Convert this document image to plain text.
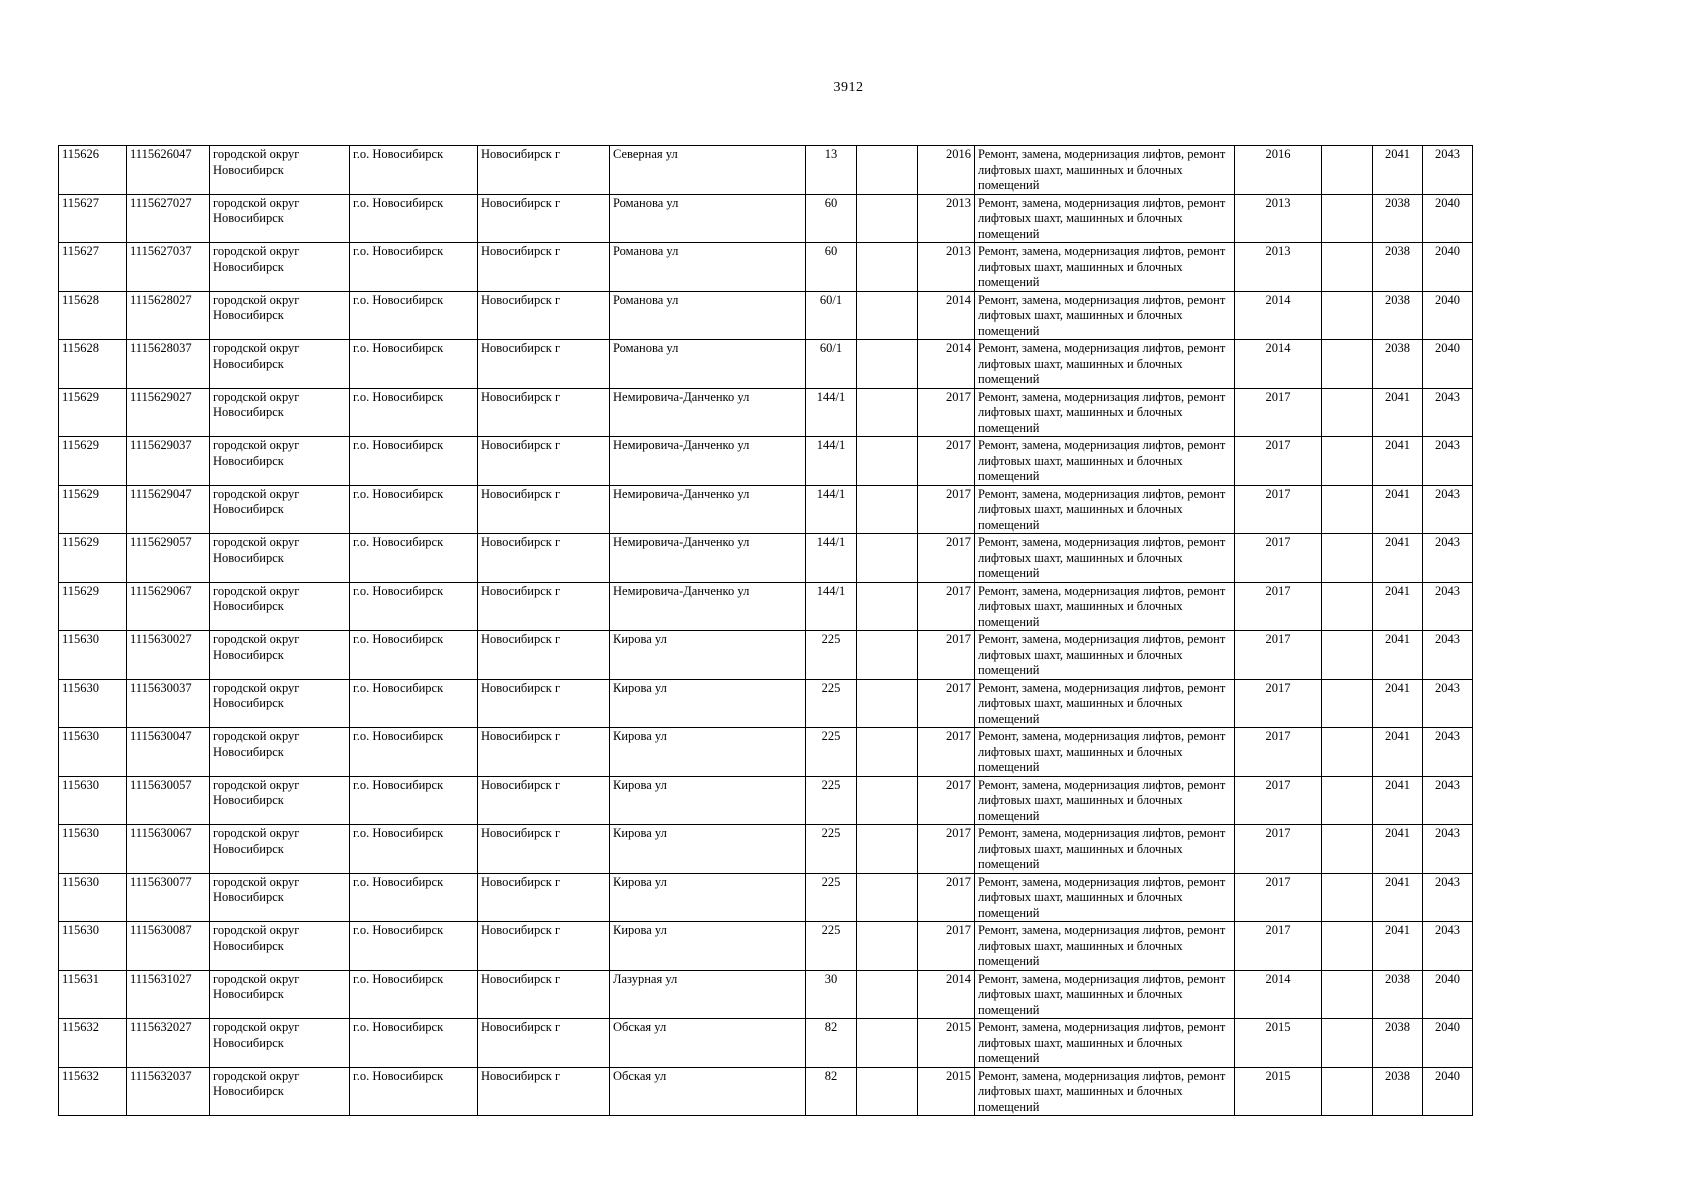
3912
115626	1115626047	городской округ Новосибирск	г.о. Новосибирск	Новосибирск г	Северная ул	13		2016	Ремонт, замена, модернизация лифтов, ремонт лифтовых шахт, машинных и блочных помещений	2016		2041	2043
115627	1115627027	городской округ Новосибирск	г.о. Новосибирск	Новосибирск г	Романова ул	60		2013	Ремонт, замена, модернизация лифтов, ремонт лифтовых шахт, машинных и блочных помещений	2013		2038	2040
115627	1115627037	городской округ Новосибирск	г.о. Новосибирск	Новосибирск г	Романова ул	60		2013	Ремонт, замена, модернизация лифтов, ремонт лифтовых шахт, машинных и блочных помещений	2013		2038	2040
115628	1115628027	городской округ Новосибирск	г.о. Новосибирск	Новосибирск г	Романова ул	60/1		2014	Ремонт, замена, модернизация лифтов, ремонт лифтовых шахт, машинных и блочных помещений	2014		2038	2040
115628	1115628037	городской округ Новосибирск	г.о. Новосибирск	Новосибирск г	Романова ул	60/1		2014	Ремонт, замена, модернизация лифтов, ремонт лифтовых шахт, машинных и блочных помещений	2014		2038	2040
115629	1115629027	городской округ Новосибирск	г.о. Новосибирск	Новосибирск г	Немировича-Данченко ул	144/1		2017	Ремонт, замена, модернизация лифтов, ремонт лифтовых шахт, машинных и блочных помещений	2017		2041	2043
115629	1115629037	городской округ Новосибирск	г.о. Новосибирск	Новосибирск г	Немировича-Данченко ул	144/1		2017	Ремонт, замена, модернизация лифтов, ремонт лифтовых шахт, машинных и блочных помещений	2017		2041	2043
115629	1115629047	городской округ Новосибирск	г.о. Новосибирск	Новосибирск г	Немировича-Данченко ул	144/1		2017	Ремонт, замена, модернизация лифтов, ремонт лифтовых шахт, машинных и блочных помещений	2017		2041	2043
115629	1115629057	городской округ Новосибирск	г.о. Новосибирск	Новосибирск г	Немировича-Данченко ул	144/1		2017	Ремонт, замена, модернизация лифтов, ремонт лифтовых шахт, машинных и блочных помещений	2017		2041	2043
115629	1115629067	городской округ Новосибирск	г.о. Новосибирск	Новосибирск г	Немировича-Данченко ул	144/1		2017	Ремонт, замена, модернизация лифтов, ремонт лифтовых шахт, машинных и блочных помещений	2017		2041	2043
115630	1115630027	городской округ Новосибирск	г.о. Новосибирск	Новосибирск г	Кирова ул	225		2017	Ремонт, замена, модернизация лифтов, ремонт лифтовых шахт, машинных и блочных помещений	2017		2041	2043
115630	1115630037	городской округ Новосибирск	г.о. Новосибирск	Новосибирск г	Кирова ул	225		2017	Ремонт, замена, модернизация лифтов, ремонт лифтовых шахт, машинных и блочных помещений	2017		2041	2043
115630	1115630047	городской округ Новосибирск	г.о. Новосибирск	Новосибирск г	Кирова ул	225		2017	Ремонт, замена, модернизация лифтов, ремонт лифтовых шахт, машинных и блочных помещений	2017		2041	2043
115630	1115630057	городской округ Новосибирск	г.о. Новосибирск	Новосибирск г	Кирова ул	225		2017	Ремонт, замена, модернизация лифтов, ремонт лифтовых шахт, машинных и блочных помещений	2017		2041	2043
115630	1115630067	городской округ Новосибирск	г.о. Новосибирск	Новосибирск г	Кирова ул	225		2017	Ремонт, замена, модернизация лифтов, ремонт лифтовых шахт, машинных и блочных помещений	2017		2041	2043
115630	1115630077	городской округ Новосибирск	г.о. Новосибирск	Новосибирск г	Кирова ул	225		2017	Ремонт, замена, модернизация лифтов, ремонт лифтовых шахт, машинных и блочных помещений	2017		2041	2043
115630	1115630087	городской округ Новосибирск	г.о. Новосибирск	Новосибирск г	Кирова ул	225		2017	Ремонт, замена, модернизация лифтов, ремонт лифтовых шахт, машинных и блочных помещений	2017		2041	2043
115631	1115631027	городской округ Новосибирск	г.о. Новосибирск	Новосибирск г	Лазурная ул	30		2014	Ремонт, замена, модернизация лифтов, ремонт лифтовых шахт, машинных и блочных помещений	2014		2038	2040
115632	1115632027	городской округ Новосибирск	г.о. Новосибирск	Новосибирск г	Обская ул	82		2015	Ремонт, замена, модернизация лифтов, ремонт лифтовых шахт, машинных и блочных помещений	2015		2038	2040
115632	1115632037	городской округ Новосибирск	г.о. Новосибирск	Новосибирск г	Обская ул	82		2015	Ремонт, замена, модернизация лифтов, ремонт лифтовых шахт, машинных и блочных помещений	2015		2038	2040
